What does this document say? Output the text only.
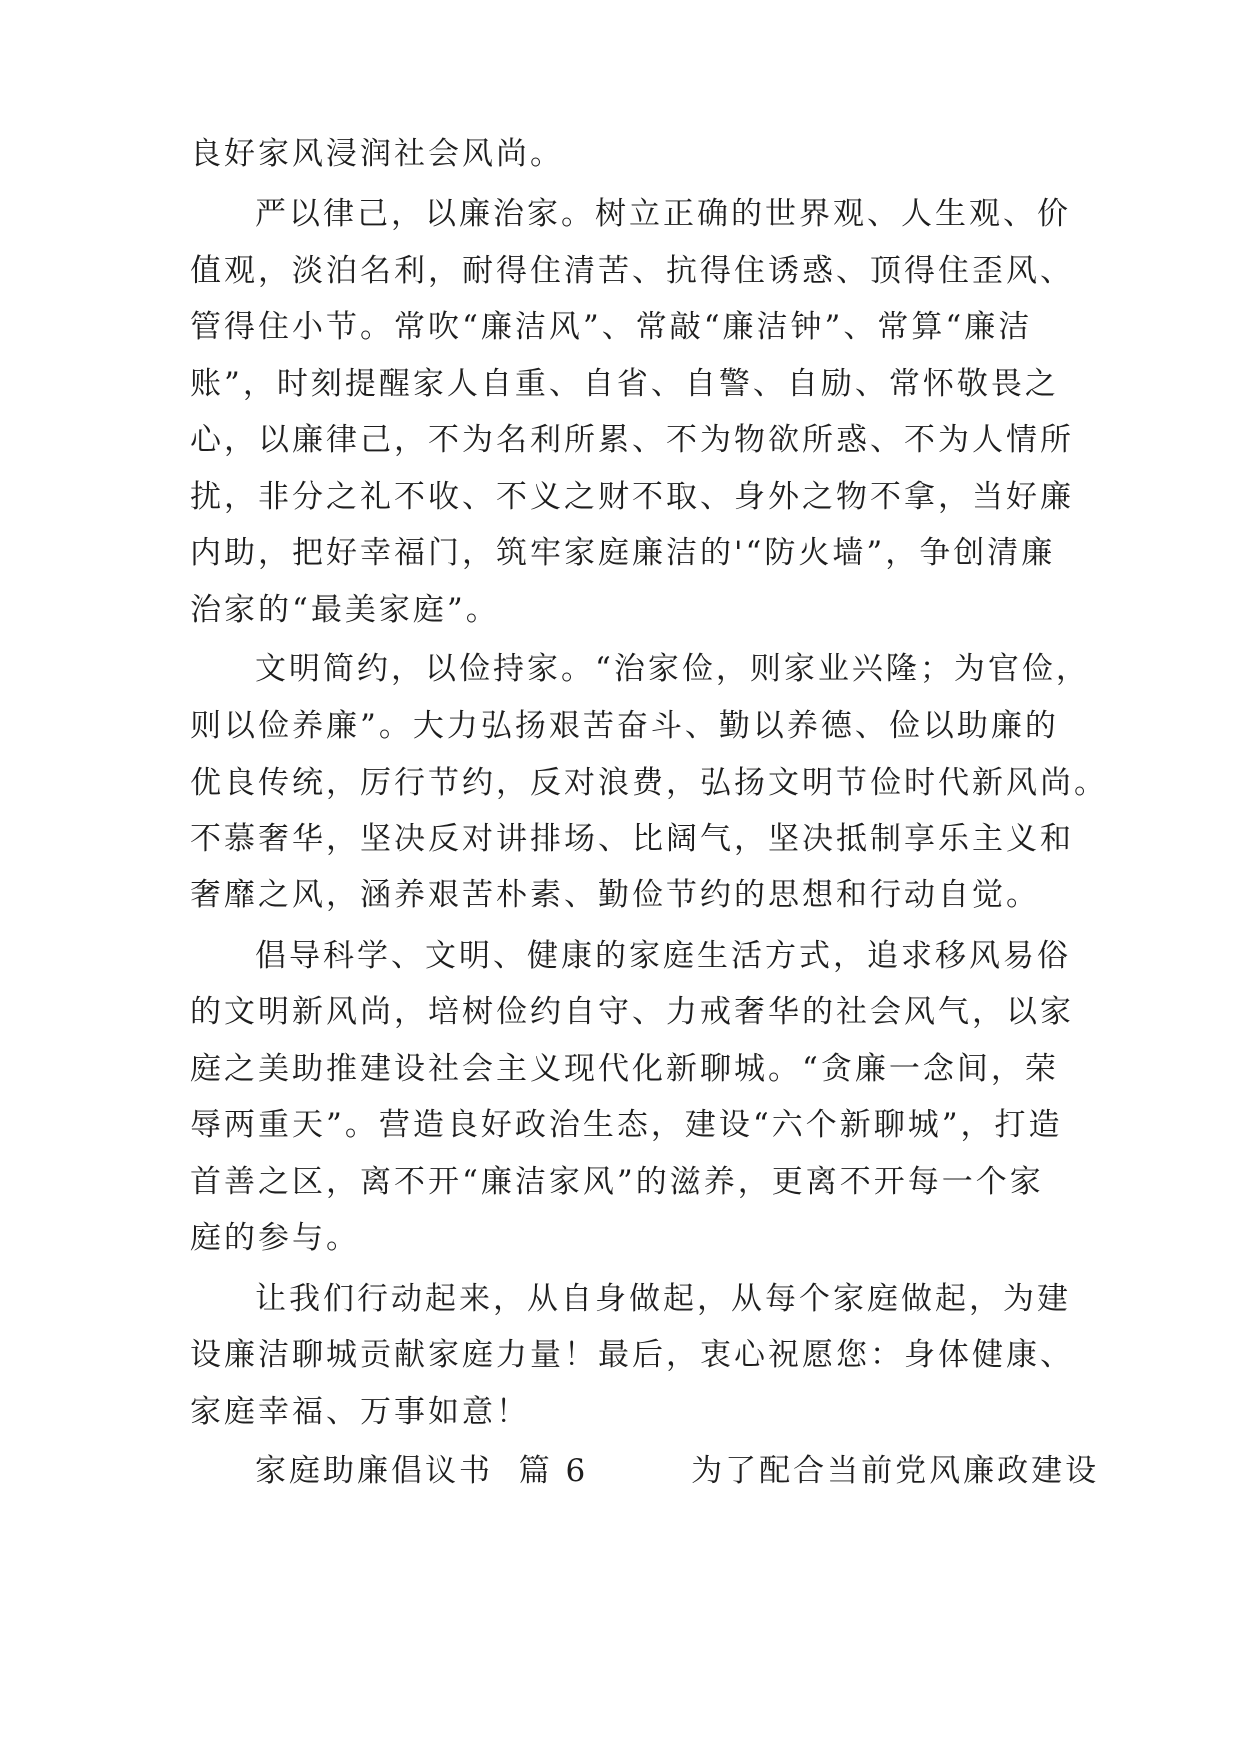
良好家风浸润社会风尚。

严以律己，以廉治家。树立正确的世界观、人生观、价

值观，淡泊名利，耐得住清苦、抗得住诱惑、顶得住歪风、

管得住小节。常吹“廉洁风”、常敲“廉洁钟”、常算“廉洁

账”，时刻提醒家人自重、自省、自警、自励、常怀敬畏之

心，以廉律己，不为名利所累、不为物欲所惑、不为人情所

扰，非分之礼不收、不义之财不取、身外之物不拿，当好廉

内助，把好幸福门，筑牢家庭廉洁的'“防火墙”，争创清廉

治家的“最美家庭”。

文明简约，以俭持家。“治家俭，则家业兴隆；为官俭，

则以俭养廉”。大力弘扬艰苦奋斗、勤以养德、俭以助廉的

优良传统，厉行节约，反对浪费，弘扬文明节俭时代新风尚。

不慕奢华，坚决反对讲排场、比阔气，坚决抵制享乐主义和

奢靡之风，涵养艰苦朴素、勤俭节约的思想和行动自觉。

倡导科学、文明、健康的家庭生活方式，追求移风易俗

的文明新风尚，培树俭约自守、力戒奢华的社会风气，以家

庭之美助推建设社会主义现代化新聊城。“贪廉一念间，荣

辱两重天”。营造良好政治生态，建设“六个新聊城”，打造

首善之区，离不开“廉洁家风”的滋养，更离不开每一个家

庭的参与。

让我们行动起来，从自身做起，从每个家庭做起，为建

设廉洁聊城贡献家庭力量！最后，衷心祝愿您：身体健康、

家庭幸福、万事如意！

家庭助廉倡议书  篇 6        为了配合当前党风廉政建设
